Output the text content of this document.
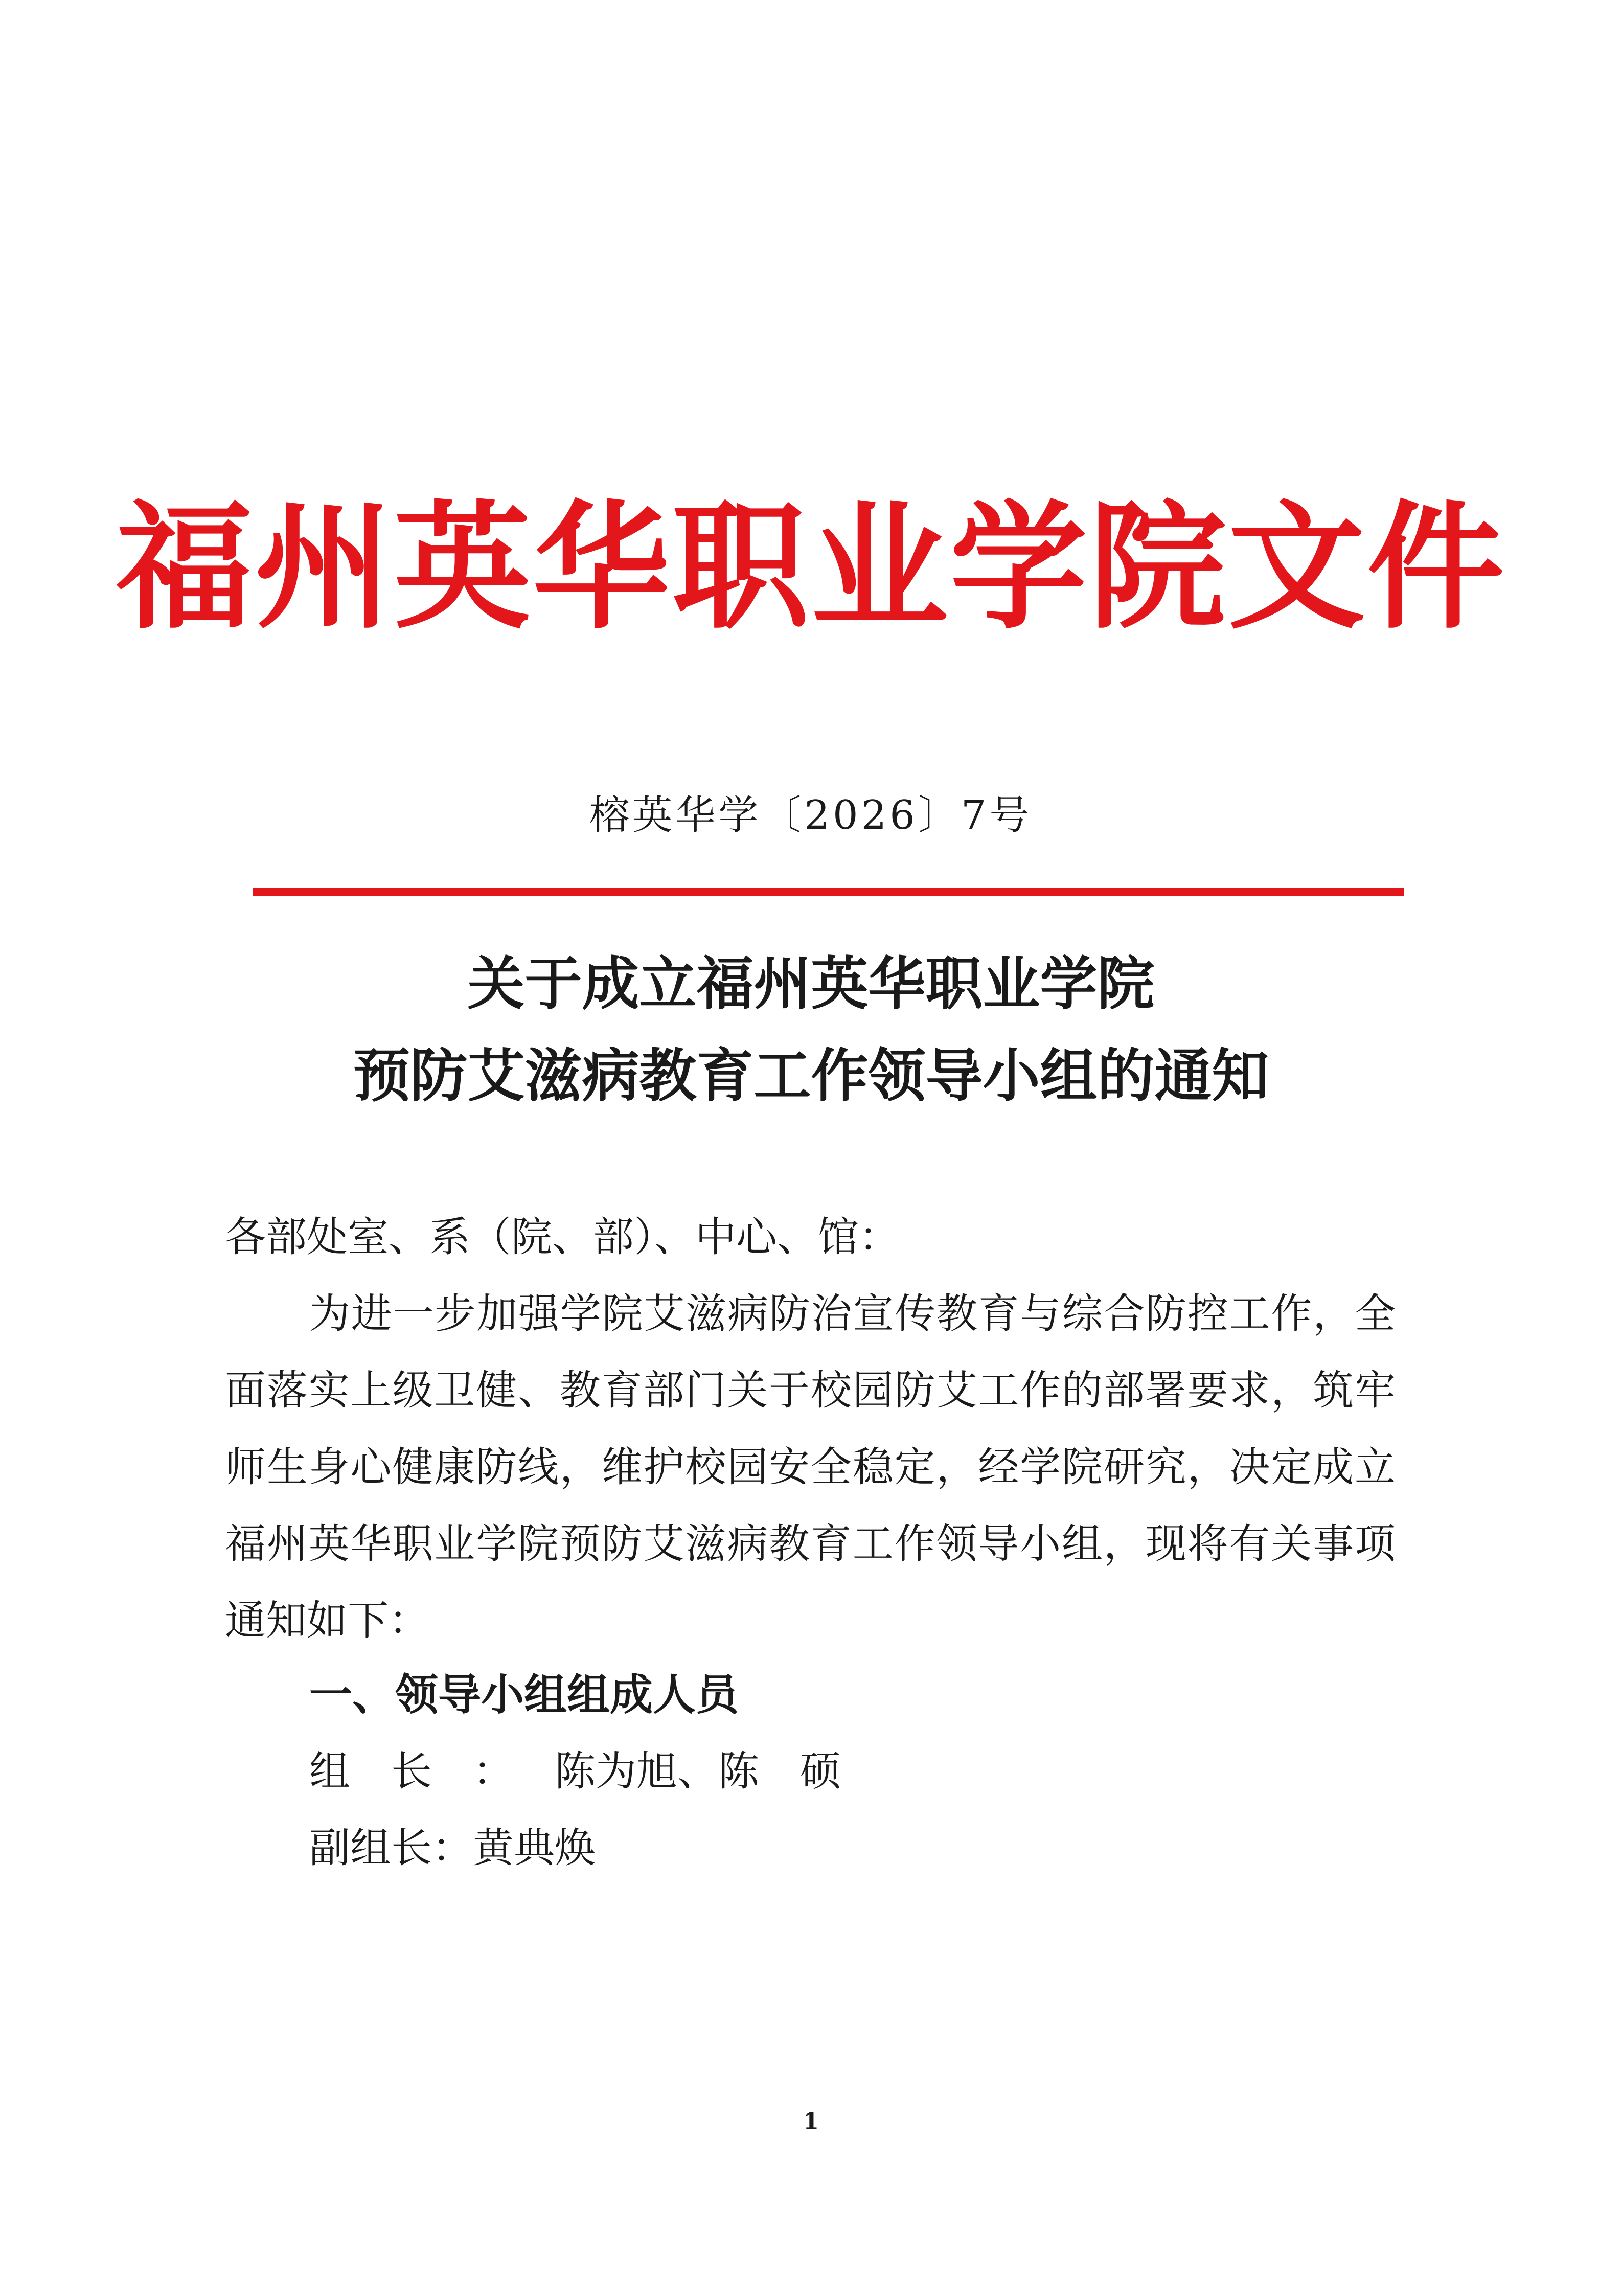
福州英华职业学院文件
榕英华学〔2026〕7号
关于成立福州英华职业学院
预防艾滋病教育工作领导小组的通知
各部处室、系（院、部）、中心、馆：
为进一步加强学院艾滋病防治宣传教育与综合防控工作，全
面落实上级卫健、教育部门关于校园防艾工作的部署要求，筑牢
师生身心健康防线，维护校园安全稳定，经学院研究，决定成立
福州英华职业学院预防艾滋病教育工作领导小组，现将有关事项
通知如下：
一、领导小组组成人员
组长：陈为旭、陈　硕
副组长：黄典焕
1
